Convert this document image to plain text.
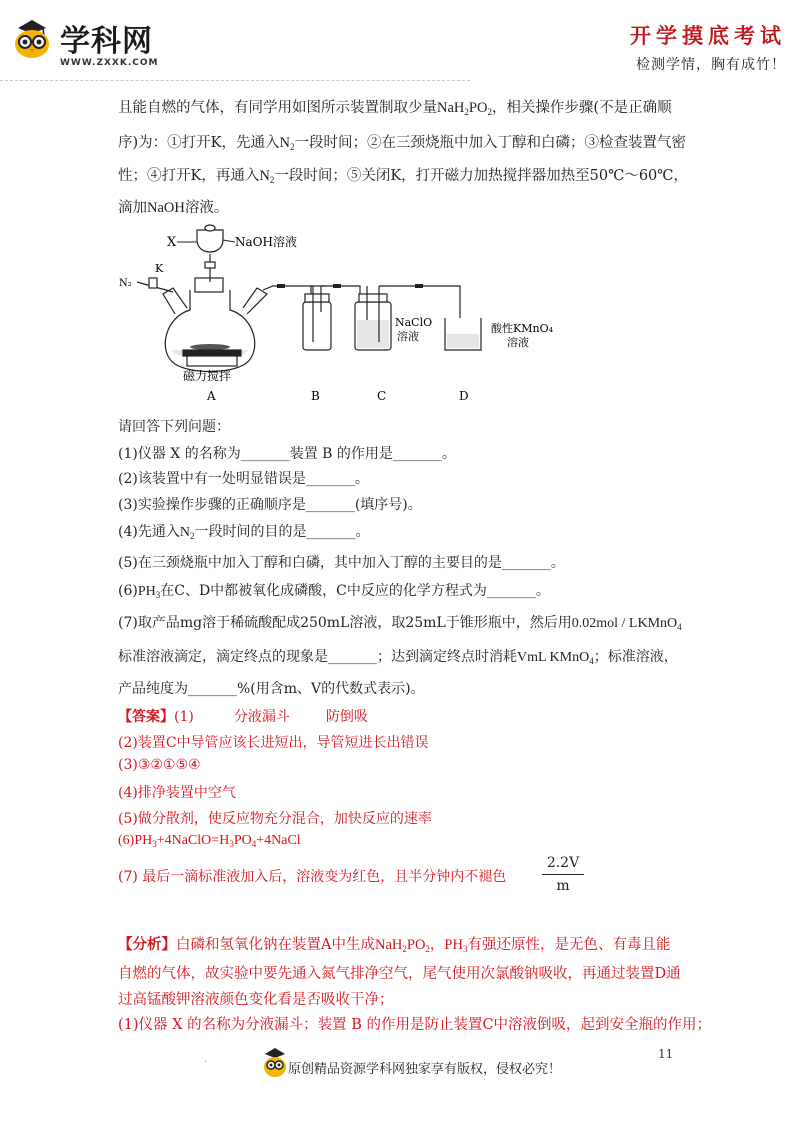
学科网
WWW.ZXXK.COM
开学摸底考试
检测学情，胸有成竹！
且能自燃的气体，有同学用如图所示装置制取少量$NaH_2PO_2$，相关操作步骤(不是正确顺
序)为：①打开K，先通入$N_2$一段时间；②在三颈烧瓶中加入丁醇和白磷；③检查装置气密
性；④打开K，再通入$N_2$一段时间；⑤关闭K，打开磁力加热搅拌器加热至50℃～60℃，
滴加NaOH溶液。
X	NaOH溶液
N₂
K
磁力搅拌
NaClO
溶液
酸性KMnO₄
溶液
A	B	C	D
请回答下列问题：
(1)仪器 X 的名称为_______装置 B 的作用是_______。
(2)该装置中有一处明显错误是_______。
(3)实验操作步骤的正确顺序是_______(填序号)。
(4)先通入$N_2$一段时间的目的是_______。
(5)在三颈烧瓶中加入丁醇和白磷，其中加入丁醇的主要目的是_______。
$(6)PH_3$在C、D中都被氧化成磷酸，C中反应的化学方程式为_______。
(7)取产品mg溶于稀硫酸配成250mL溶液，取25mL于锥形瓶中，然后用0.02mol / LKMnO$_4$
标准溶液滴定，滴定终点的现象是_______；达到滴定终点时消耗VmL KMnO$_4$；标准溶液，
产品纯度为_______%(用含m、V的代数式表示)。
【答案】(1)	分液漏斗	防倒吸
(2)装置C中导管应该长进短出，导管短进长出错误
(3)③②①⑤④
(4)排净装置中空气
(5)做分散剂，使反应物充分混合，加快反应的速率
$(6)PH_3+4NaClO=H_3PO_4+4NaCl$
(7) 最后一滴标准液加入后，溶液变为红色，且半分钟内不褪色
2.2V
m
【分析】白磷和氢氧化钠在装置A中生成$NaH_2PO_2$，$PH_3$有强还原性，是无色、有毒且能
自燃的气体，故实验中要先通入氮气排净空气，尾气使用次氯酸钠吸收，再通过装置D通
过高锰酸钾溶液颜色变化看是否吸收干净；
(1)仪器 X 的名称为分液漏斗；装置 B 的作用是防止装置C中溶液倒吸，起到安全瓶的作用；
.	11
原创精品资源学科网独家享有版权，侵权必究！
